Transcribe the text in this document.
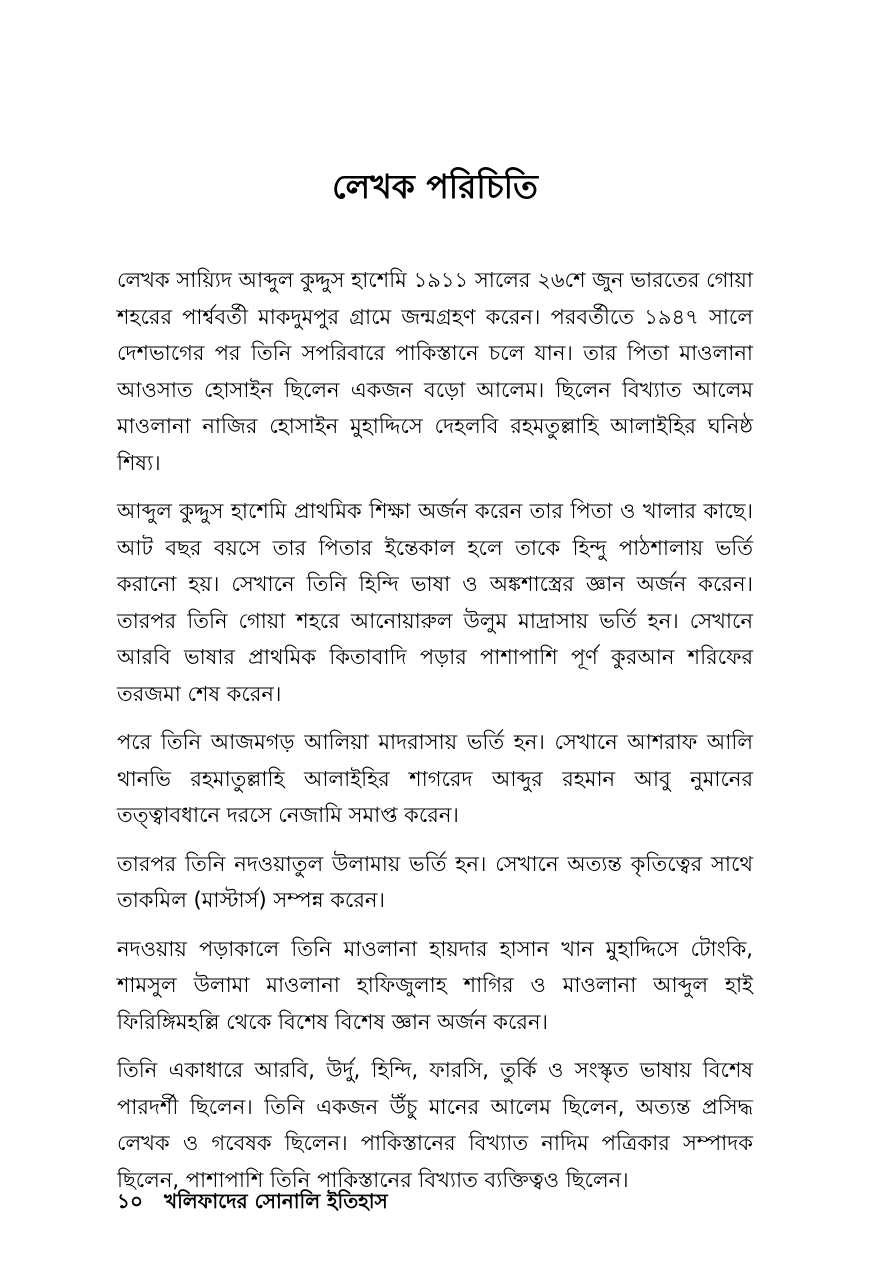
লেখক পরিচিতি

লেখক সায়্যিদ আব্দুল কুদ্দুস হাশেমি ১৯১১ সালের ২৬শে জুন ভারতের গোয়া শহরের পার্শ্ববর্তী মাকদুমপুর গ্রামে জন্মগ্রহণ করেন। পরবর্তীতে ১৯৪৭ সালে দেশভাগের পর তিনি সপরিবারে পাকিস্তানে চলে যান। তার পিতা মাওলানা আওসাত হোসাইন ছিলেন একজন বড়ো আলেম। ছিলেন বিখ্যাত আলেম মাওলানা নাজির হোসাইন মুহাদ্দিসে দেহলবি রহমতুল্লাহি আলাইহির ঘনিষ্ঠ শিষ্য।

আব্দুল কুদ্দুস হাশেমি প্রাথমিক শিক্ষা অর্জন করেন তার পিতা ও খালার কাছে। আট বছর বয়সে তার পিতার ইন্তেকাল হলে তাকে হিন্দু পাঠশালায় ভর্তি করানো হয়। সেখানে তিনি হিন্দি ভাষা ও অঙ্কশাস্ত্রের জ্ঞান অর্জন করেন। তারপর তিনি গোয়া শহরে আনোয়ারুল উলুম মাদ্রাসায় ভর্তি হন। সেখানে আরবি ভাষার প্রাথমিক কিতাবাদি পড়ার পাশাপাশি পূর্ণ কুরআন শরিফের তরজমা শেষ করেন।

পরে তিনি আজমগড় আলিয়া মাদরাসায় ভর্তি হন। সেখানে আশরাফ আলি থানভি রহমাতুল্লাহি আলাইহির শাগরেদ আব্দুর রহমান আবু নুমানের তত্ত্বাবধানে দরসে নেজামি সমাপ্ত করেন।

তারপর তিনি নদওয়াতুল উলামায় ভর্তি হন। সেখানে অত্যন্ত কৃতিত্বের সাথে তাকমিল (মাস্টার্স) সম্পন্ন করেন।

নদওয়ায় পড়াকালে তিনি মাওলানা হায়দার হাসান খান মুহাদ্দিসে টোংকি, শামসুল উলামা মাওলানা হাফিজুলাহ শাগির ও মাওলানা আব্দুল হাই ফিরিঙ্গিমহল্লি থেকে বিশেষ বিশেষ জ্ঞান অর্জন করেন।

তিনি একাধারে আরবি, উর্দু, হিন্দি, ফারসি, তুর্কি ও সংস্কৃত ভাষায় বিশেষ পারদর্শী ছিলেন। তিনি একজন উঁচু মানের আলেম ছিলেন, অত্যন্ত প্রসিদ্ধ লেখক ও গবেষক ছিলেন। পাকিস্তানের বিখ্যাত নাদিম পত্রিকার সম্পাদক ছিলেন, পাশাপাশি তিনি পাকিস্তানের বিখ্যাত ব্যক্তিত্বও ছিলেন।

১০ খলিফাদের সোনালি ইতিহাস
